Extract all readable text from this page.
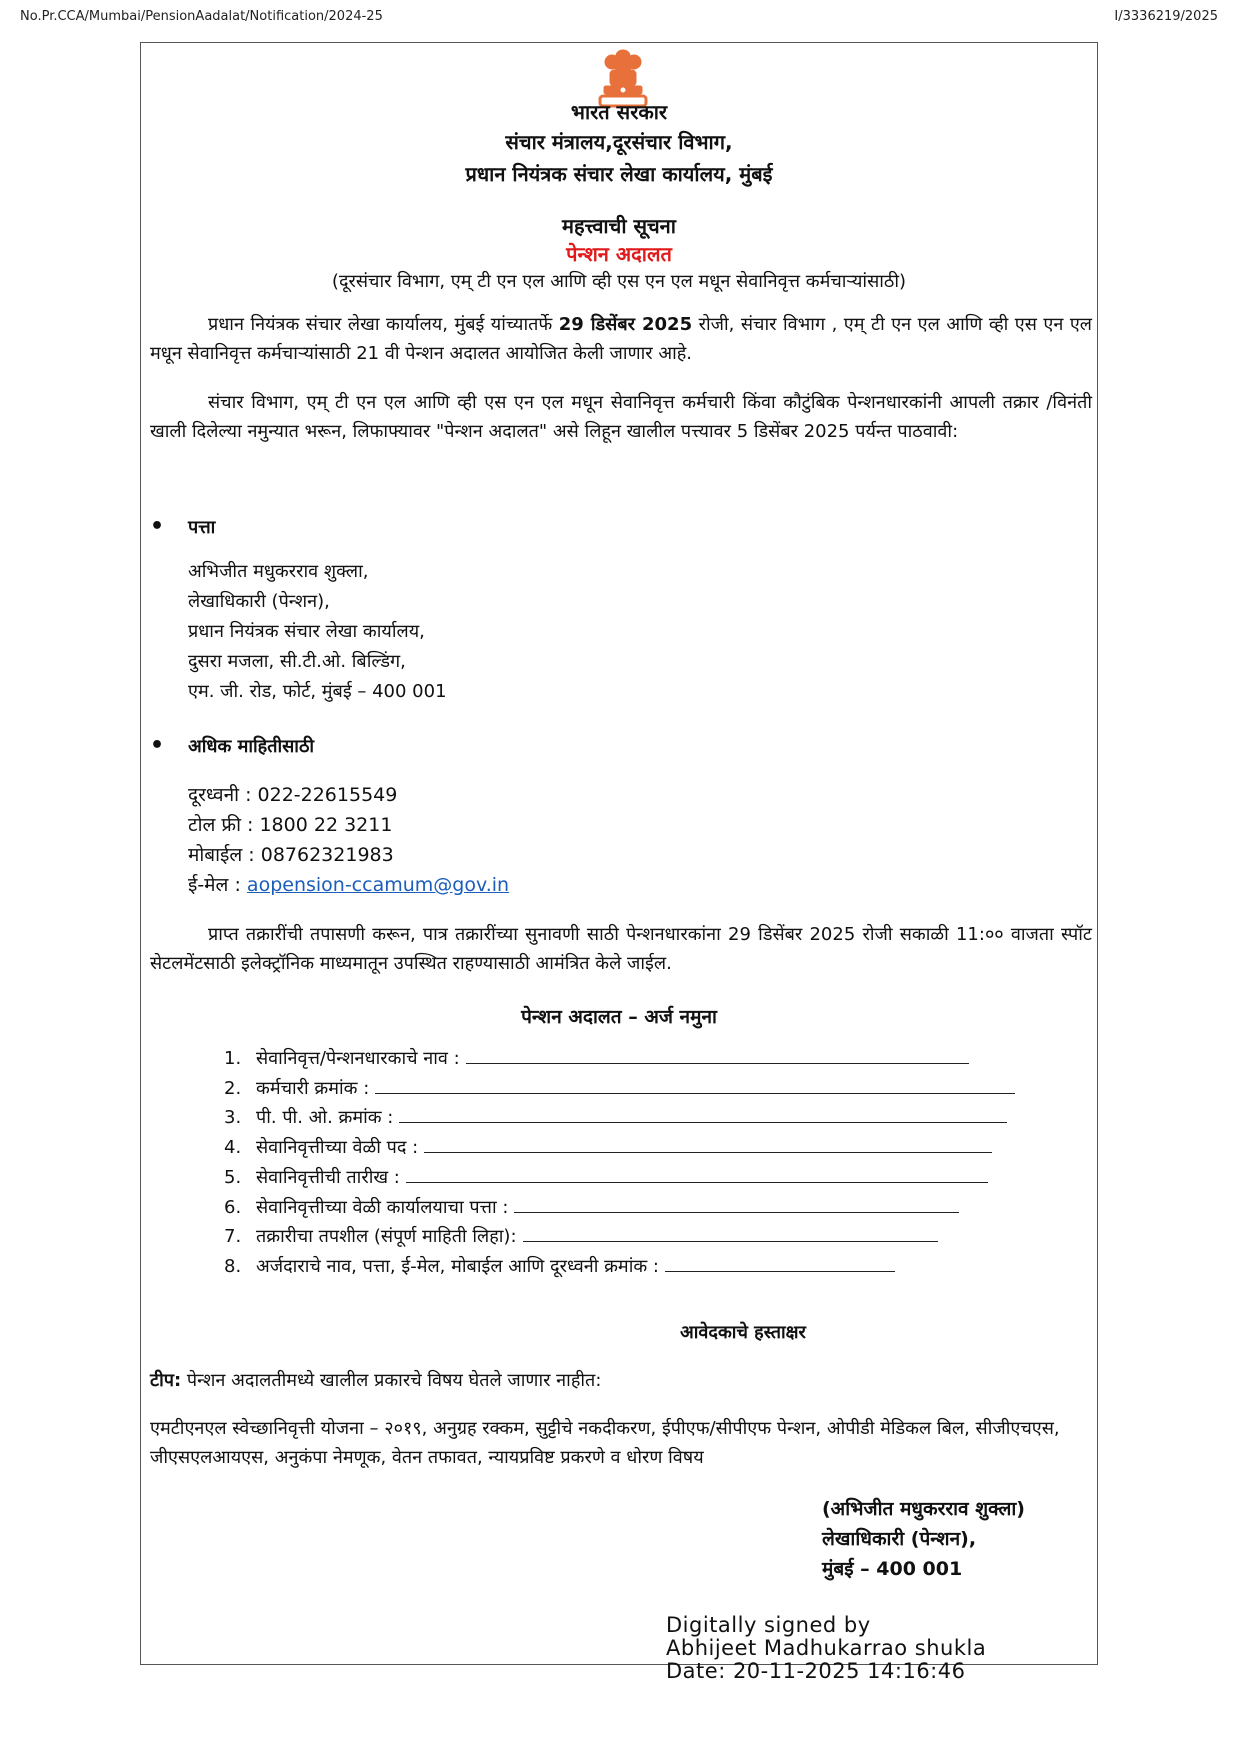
No.Pr.CCA/Mumbai/PensionAadalat/Notification/2024-25	I/3336219/2025
भारत सरकार
संचार मंत्रालय,दूरसंचार विभाग,
प्रधान नियंत्रक संचार लेखा कार्यालय, मुंबई
महत्त्वाची सूचना
पेन्शन अदालत
(दूरसंचार विभाग, एम् टी एन एल आणि व्ही एस एन एल मधून सेवानिवृत्त कर्मचाऱ्यांसाठी)
प्रधान नियंत्रक संचार लेखा कार्यालय, मुंबई यांच्यातर्फे 29 डिसेंबर 2025 रोजी, संचार विभाग , एम् टी एन एल आणि व्ही एस एन एल मधून सेवानिवृत्त कर्मचाऱ्यांसाठी 21 वी पेन्शन अदालत आयोजित केली जाणार आहे.
संचार विभाग, एम् टी एन एल आणि व्ही एस एन एल मधून सेवानिवृत्त कर्मचारी किंवा कौटुंबिक पेन्शनधारकांनी आपली तक्रार /विनंती खाली दिलेल्या नमुन्यात भरून, लिफाफ्यावर "पेन्शन अदालत" असे लिहून खालील पत्त्यावर 5 डिसेंबर 2025 पर्यन्त पाठवावी:
• पत्ता
अभिजीत मधुकरराव शुक्ला,
लेखाधिकारी (पेन्शन),
प्रधान नियंत्रक संचार लेखा कार्यालय,
दुसरा मजला, सी.टी.ओ. बिल्डिंग,
एम. जी. रोड, फोर्ट, मुंबई – 400 001
• अधिक माहितीसाठी
दूरध्वनी : 022-22615549
टोल फ्री : 1800 22 3211
मोबाईल : 08762321983
ई-मेल : aopension-ccamum@gov.in
प्राप्त तक्रारींची तपासणी करून, पात्र तक्रारींच्या सुनावणी साठी पेन्शनधारकांना 29 डिसेंबर 2025 रोजी सकाळी 11:०० वाजता स्पॉट सेटलमेंटसाठी इलेक्ट्रॉनिक माध्यमातून उपस्थित राहण्यासाठी आमंत्रित केले जाईल.
पेन्शन अदालत – अर्ज नमुना
1. सेवानिवृत्त/पेन्शनधारकाचे नाव :
2. कर्मचारी क्रमांक :
3. पी. पी. ओ. क्रमांक :
4. सेवानिवृत्तीच्या वेळी पद :
5. सेवानिवृत्तीची तारीख :
6. सेवानिवृत्तीच्या वेळी कार्यालयाचा पत्ता :
7. तक्रारीचा तपशील (संपूर्ण माहिती लिहा):
8. अर्जदाराचे नाव, पत्ता, ई-मेल, मोबाईल आणि दूरध्वनी क्रमांक :
आवेदकाचे हस्ताक्षर
टीप: पेन्शन अदालतीमध्ये खालील प्रकारचे विषय घेतले जाणार नाहीत:
एमटीएनएल स्वेच्छानिवृत्ती योजना – २०१९, अनुग्रह रक्कम, सुट्टीचे नकदीकरण, ईपीएफ/सीपीएफ पेन्शन, ओपीडी मेडिकल बिल, सीजीएचएस, जीएसएलआयएस, अनुकंपा नेमणूक, वेतन तफावत, न्यायप्रविष्ट प्रकरणे व धोरण विषय
(अभिजीत मधुकरराव शुक्ला)
लेखाधिकारी (पेन्शन),
मुंबई – 400 001
Digitally signed by
Abhijeet Madhukarrao shukla
Date: 20-11-2025 14:16:46
